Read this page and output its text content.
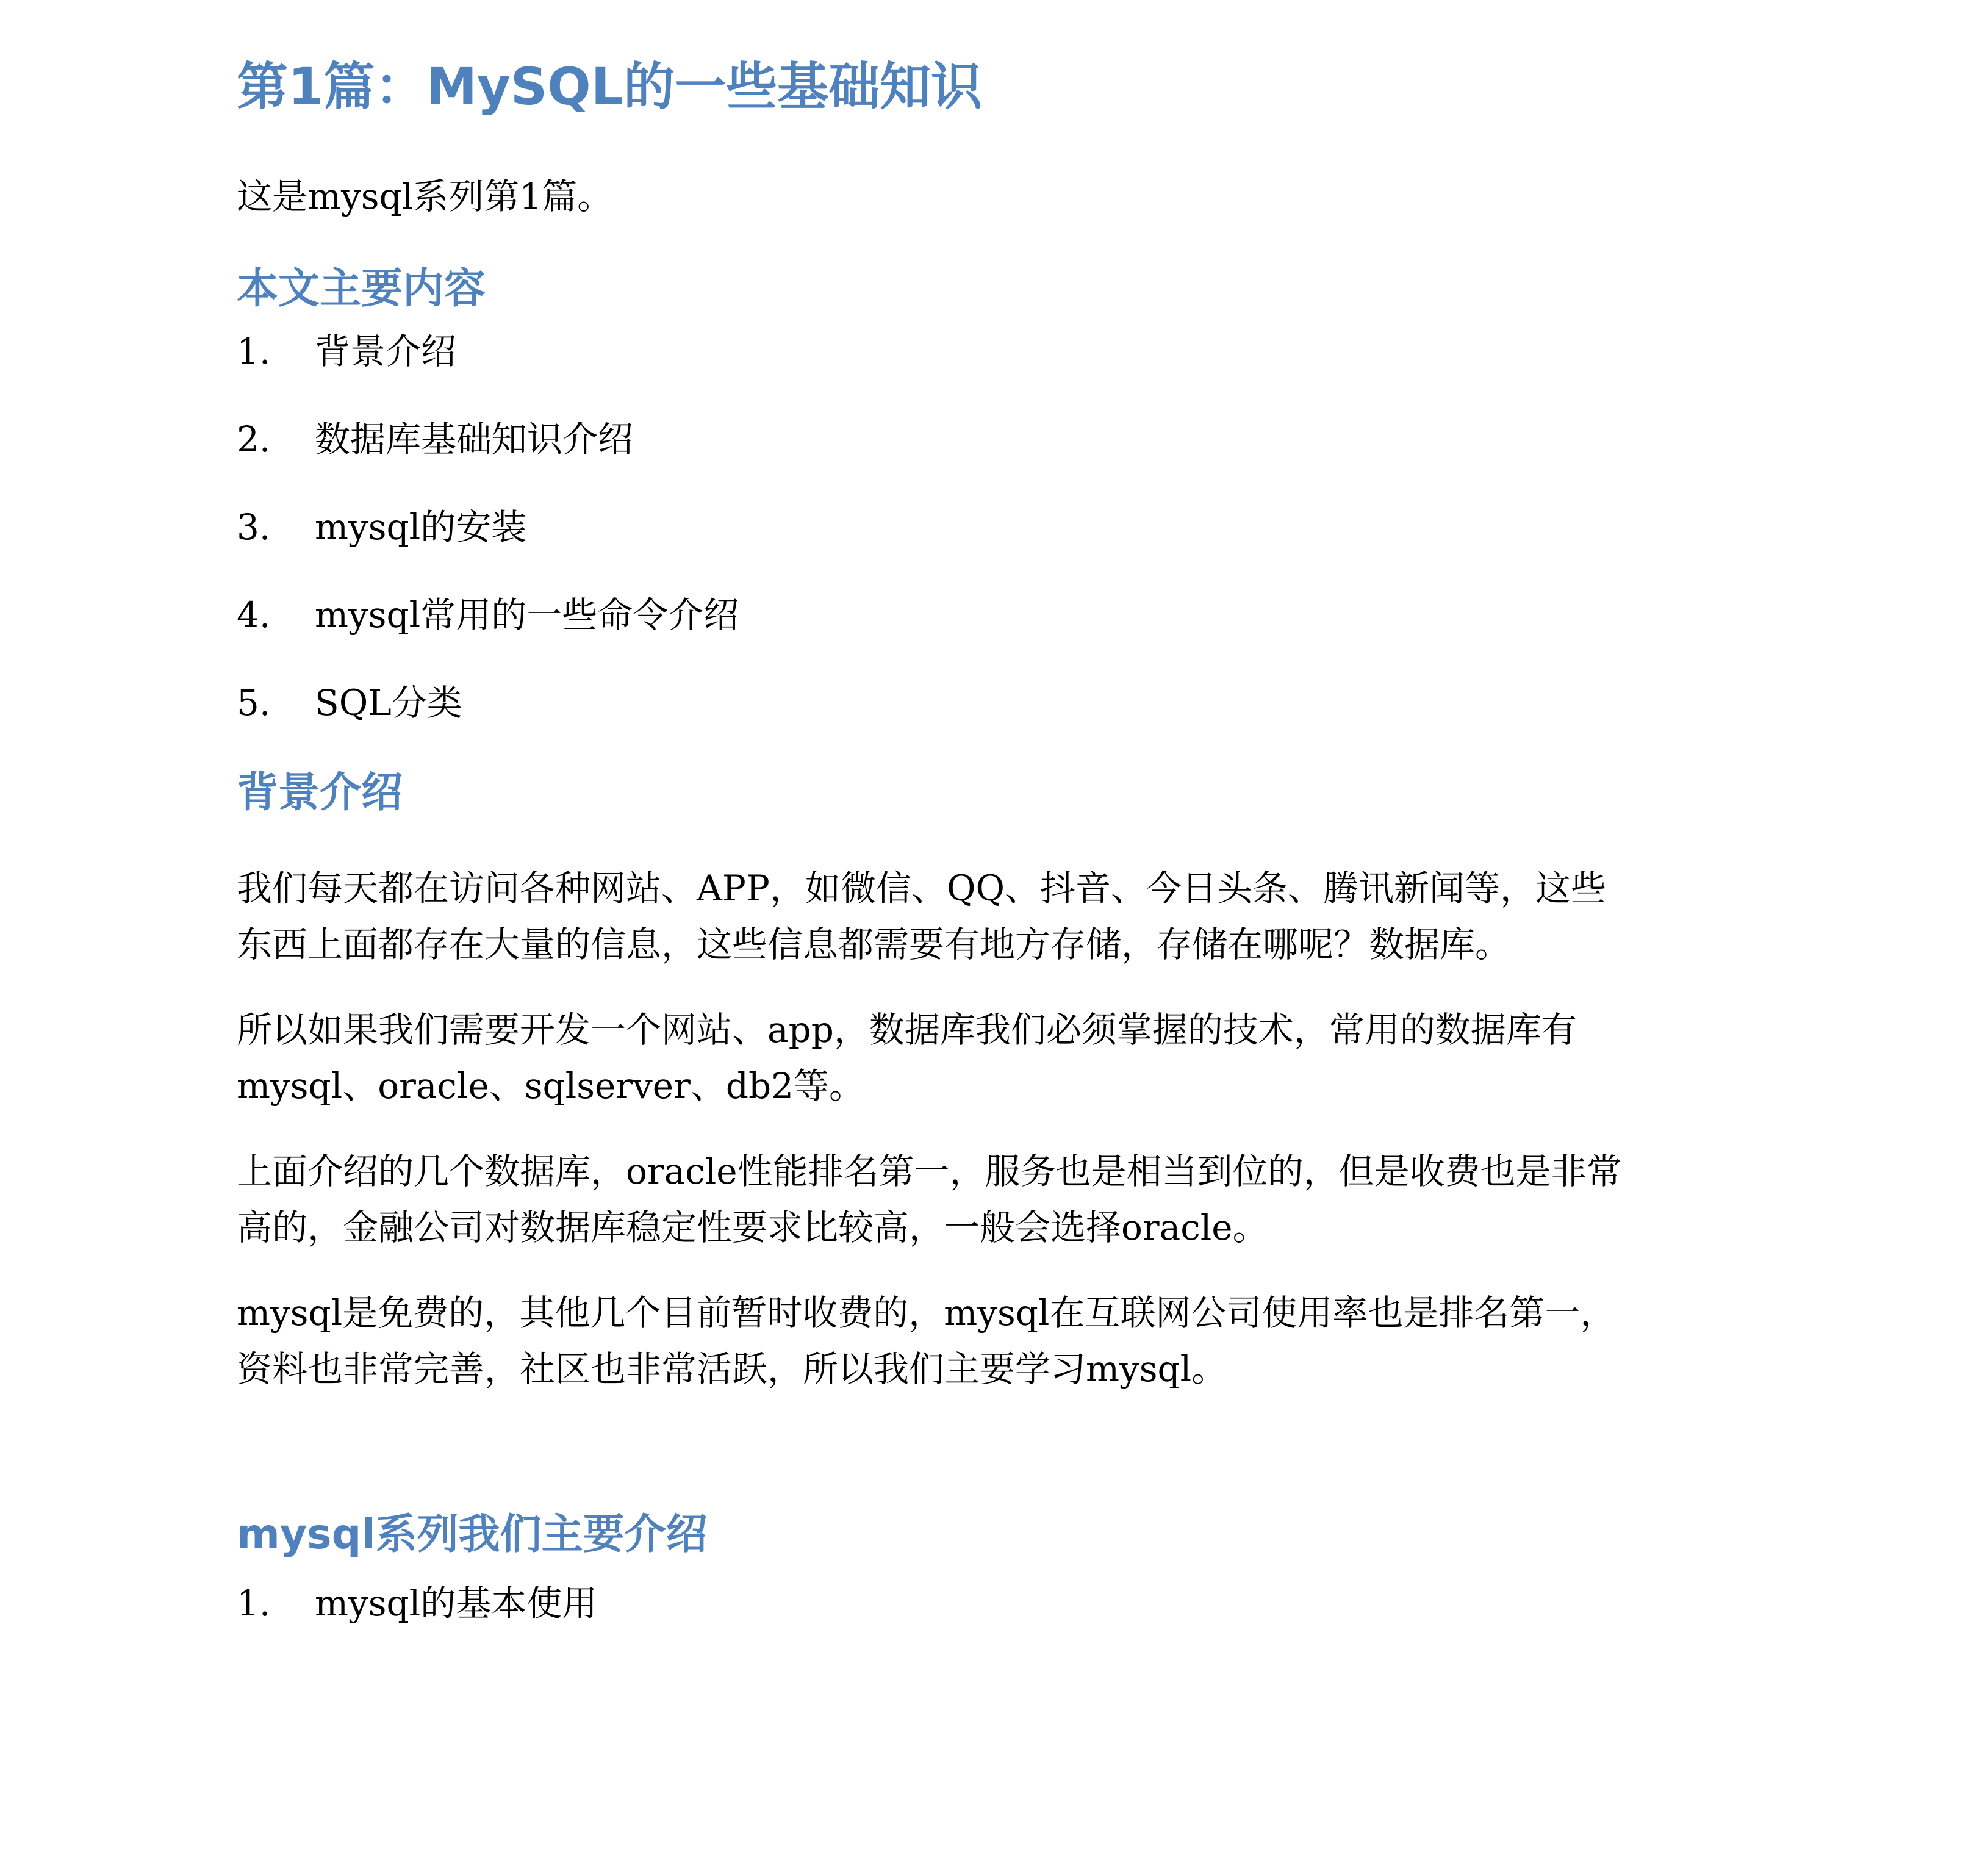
第1篇：MySQL的一些基础知识

这是mysql系列第1篇。

本文主要内容
1. 背景介绍
2. 数据库基础知识介绍
3. mysql的安装
4. mysql常用的一些命令介绍
5. SQL分类
背景介绍

我们每天都在访问各种网站、APP，如微信、QQ、抖音、今日头条、腾讯新闻等，这些
东西上面都存在大量的信息，这些信息都需要有地方存储，存储在哪呢？数据库。

所以如果我们需要开发一个网站、app，数据库我们必须掌握的技术，常用的数据库有
mysql、oracle、sqlserver、db2等。

上面介绍的几个数据库，oracle性能排名第一，服务也是相当到位的，但是收费也是非常
高的，金融公司对数据库稳定性要求比较高，一般会选择oracle。

mysql是免费的，其他几个目前暂时收费的，mysql在互联网公司使用率也是排名第一，
资料也非常完善，社区也非常活跃，所以我们主要学习mysql。

mysql系列我们主要介绍
1. mysql的基本使用
